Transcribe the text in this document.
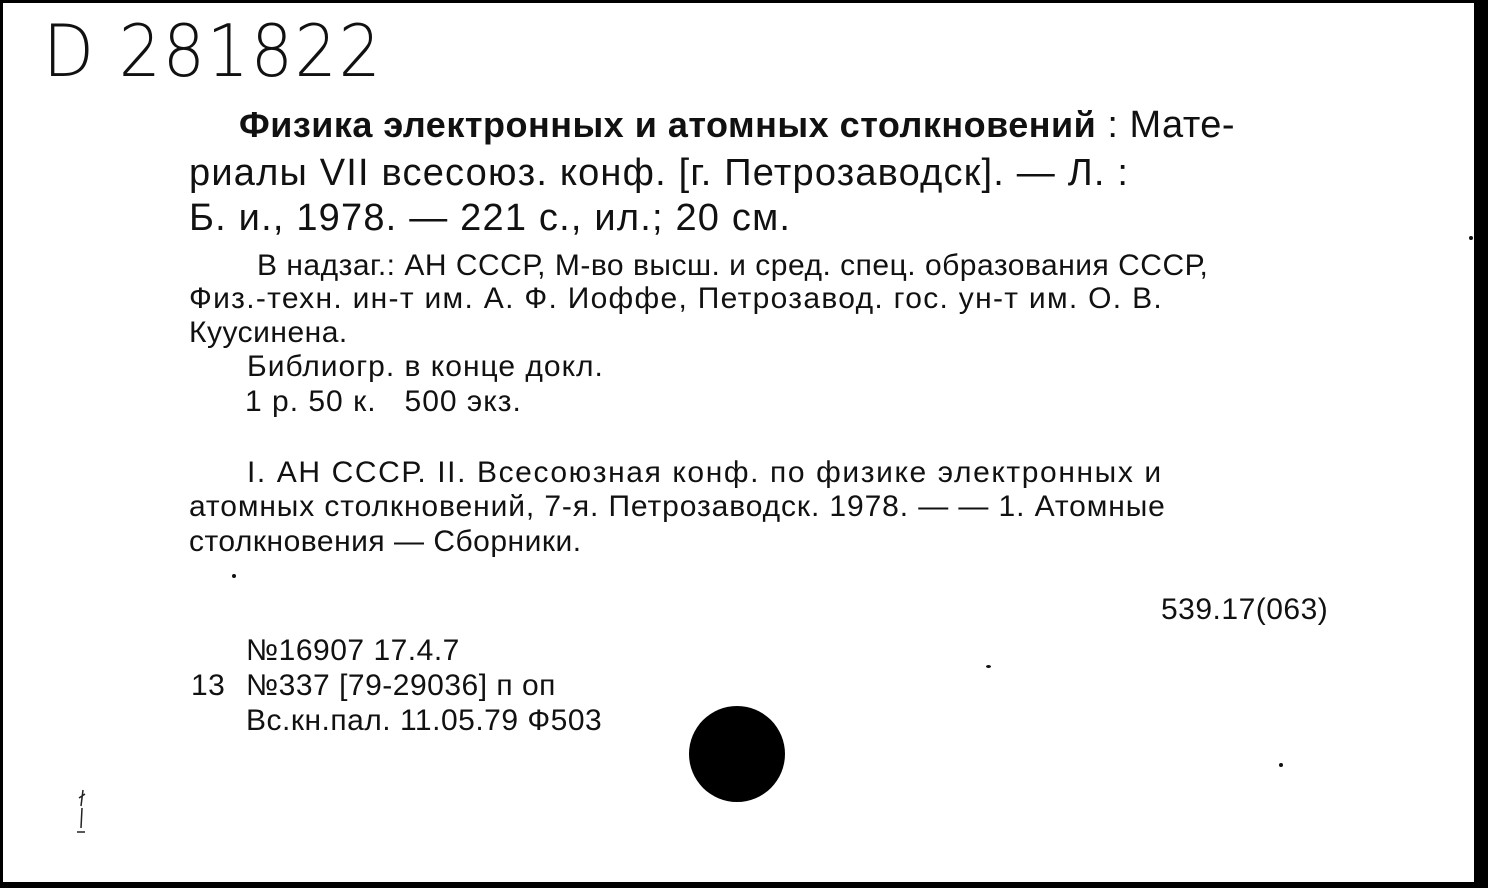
D 281822
Физика электронных и атомных столкновений : Мате-
риалы VII всесоюз. конф. [г. Петрозаводск]. — Л. :
Б. и., 1978. — 221 с., ил.; 20 см.
В надзаг.: АН СССР, М-во высш. и сред. спец. образования СССР,
Физ.-техн. ин-т им. А. Ф. Иоффе, Петрозавод. гос. ун-т им. О. В.
Куусинена.
Библиогр. в конце докл.
1 р. 50 к.   500 экз.
I. АН СССР. II. Всесоюзная конф. по физике электронных и
атомных столкновений, 7-я. Петрозаводск. 1978. — — 1. Атомные
столкновения — Сборники.
539.17(063)
№16907 17.4.7
13 №337 [79-29036] п оп
Вс.кн.пал. 11.05.79 Ф503
